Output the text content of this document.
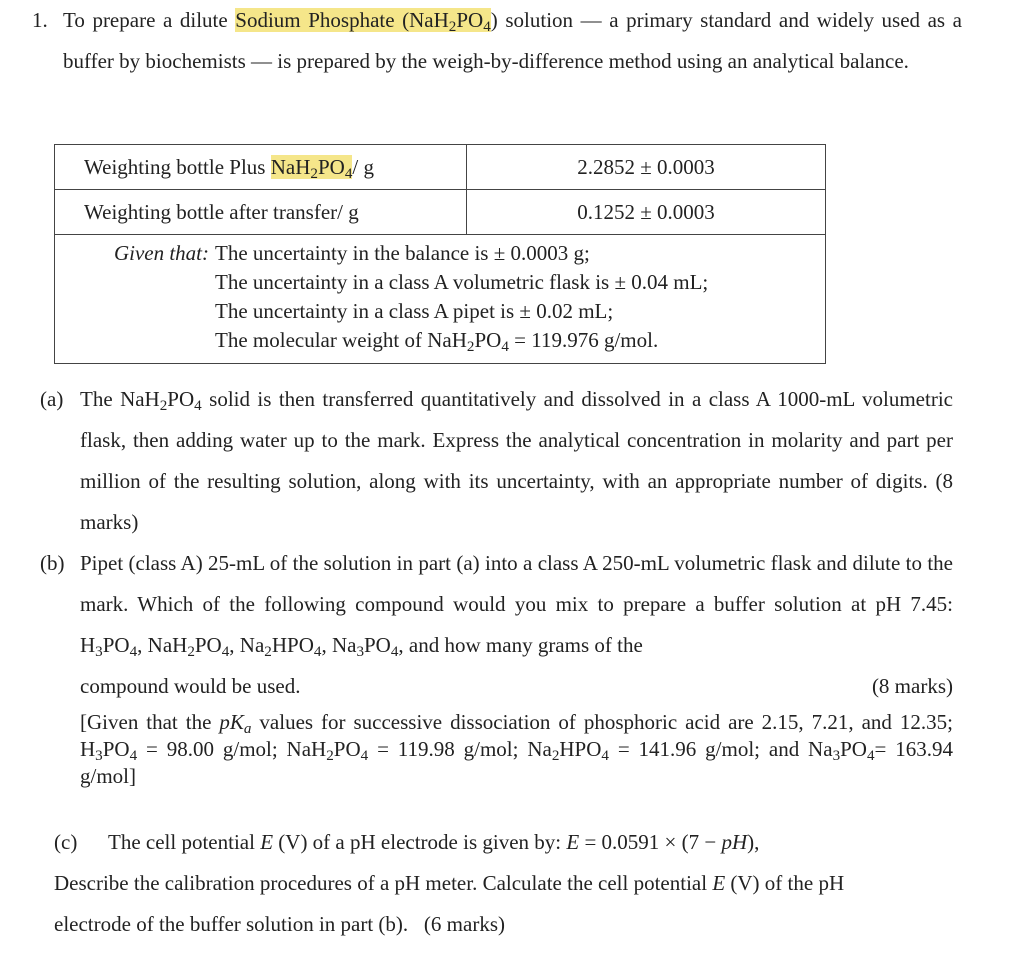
1. To prepare a dilute Sodium Phosphate $(NaH_2PO_4)$ solution — a primary standard and widely used as a buffer by biochemists — is prepared by the weigh-by-difference method using an analytical balance.

Weighting bottle Plus $NaH_2PO_4/$ g	2.2852 ± 0.0003
Weighting bottle after transfer/ g	0.1252 ± 0.0003

Given that: The uncertainty in the balance is ± 0.0003 g;
The uncertainty in a class A volumetric flask is ± 0.04 mL;
The uncertainty in a class A pipet is ± 0.02 mL;
The molecular weight of $NaH_2PO_4 = 119.976$ g/mol.	
(a) The $NaH_2PO_4$ solid is then transferred quantitatively and dissolved in a class A 1000-mL volumetric flask, then adding water up to the mark. Express the analytical concentration in molarity and part per million of the resulting solution, along with its uncertainty, with an appropriate number of digits. (8 marks)

(b) Pipet (class A) 25-mL of the solution in part (a) into a class A 250-mL volumetric flask and dilute to the mark. Which of the following compound would you mix to prepare a buffer solution at pH 7.45: $H_3PO_4$, $NaH_2PO_4$, $Na_2HPO_4$, $Na_3PO_4$, and how many grams of the

compound would be used.	(8 marks)

[Given that the $pK_a$ values for successive dissociation of phosphoric acid are 2.15, 7.21, and 12.35; $H_3PO_4 = 98.00$ g/mol; $NaH_2PO_4 = 119.98$ g/mol; $Na_2HPO_4 = 141.96$ g/mol; and $Na_3PO_4= 163.94$ g/mol]

(c) The cell potential E (V) of a pH electrode is given by: E = 0.0591 × (7 − pH),

Describe the calibration procedures of a pH meter. Calculate the cell potential E (V) of the pH

electrode of the buffer solution in part (b). (6 marks)
